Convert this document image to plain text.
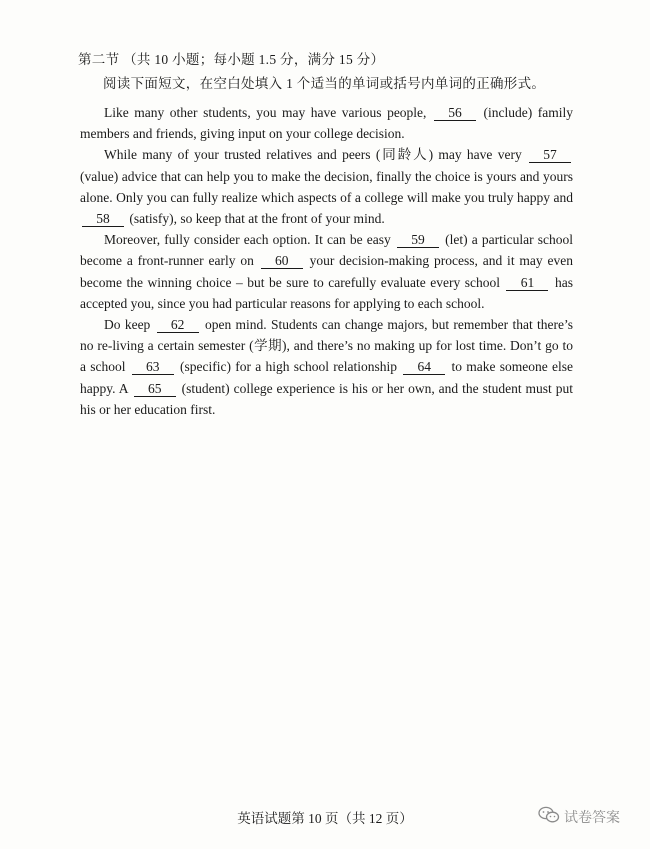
第二节 （共 10 小题；每小题 1.5 分，满分 15 分）
阅读下面短文，在空白处填入 1 个适当的单词或括号内单词的正确形式。

Like many other students, you may have various people, 56 (include) family members and friends, giving input on your college decision.

While many of your trusted relatives and peers (同龄人) may have very 57 (value) advice that can help you to make the decision, finally the choice is yours and yours alone. Only you can fully realize which aspects of a college will make you truly happy and 58 (satisfy), so keep that at the front of your mind.

Moreover, fully consider each option. It can be easy 59 (let) a particular school become a front-runner early on 60 your decision-making process, and it may even become the winning choice – but be sure to carefully evaluate every school 61 has accepted you, since you had particular reasons for applying to each school.

Do keep 62 open mind. Students can change majors, but remember that there’s no re-living a certain semester (学期), and there’s no making up for lost time. Don’t go to a school 63 (specific) for a high school relationship 64 to make someone else happy. A 65 (student) college experience is his or her own, and the student must put his or her education first.

英语试题第 10 页（共 12 页）	试卷答案
